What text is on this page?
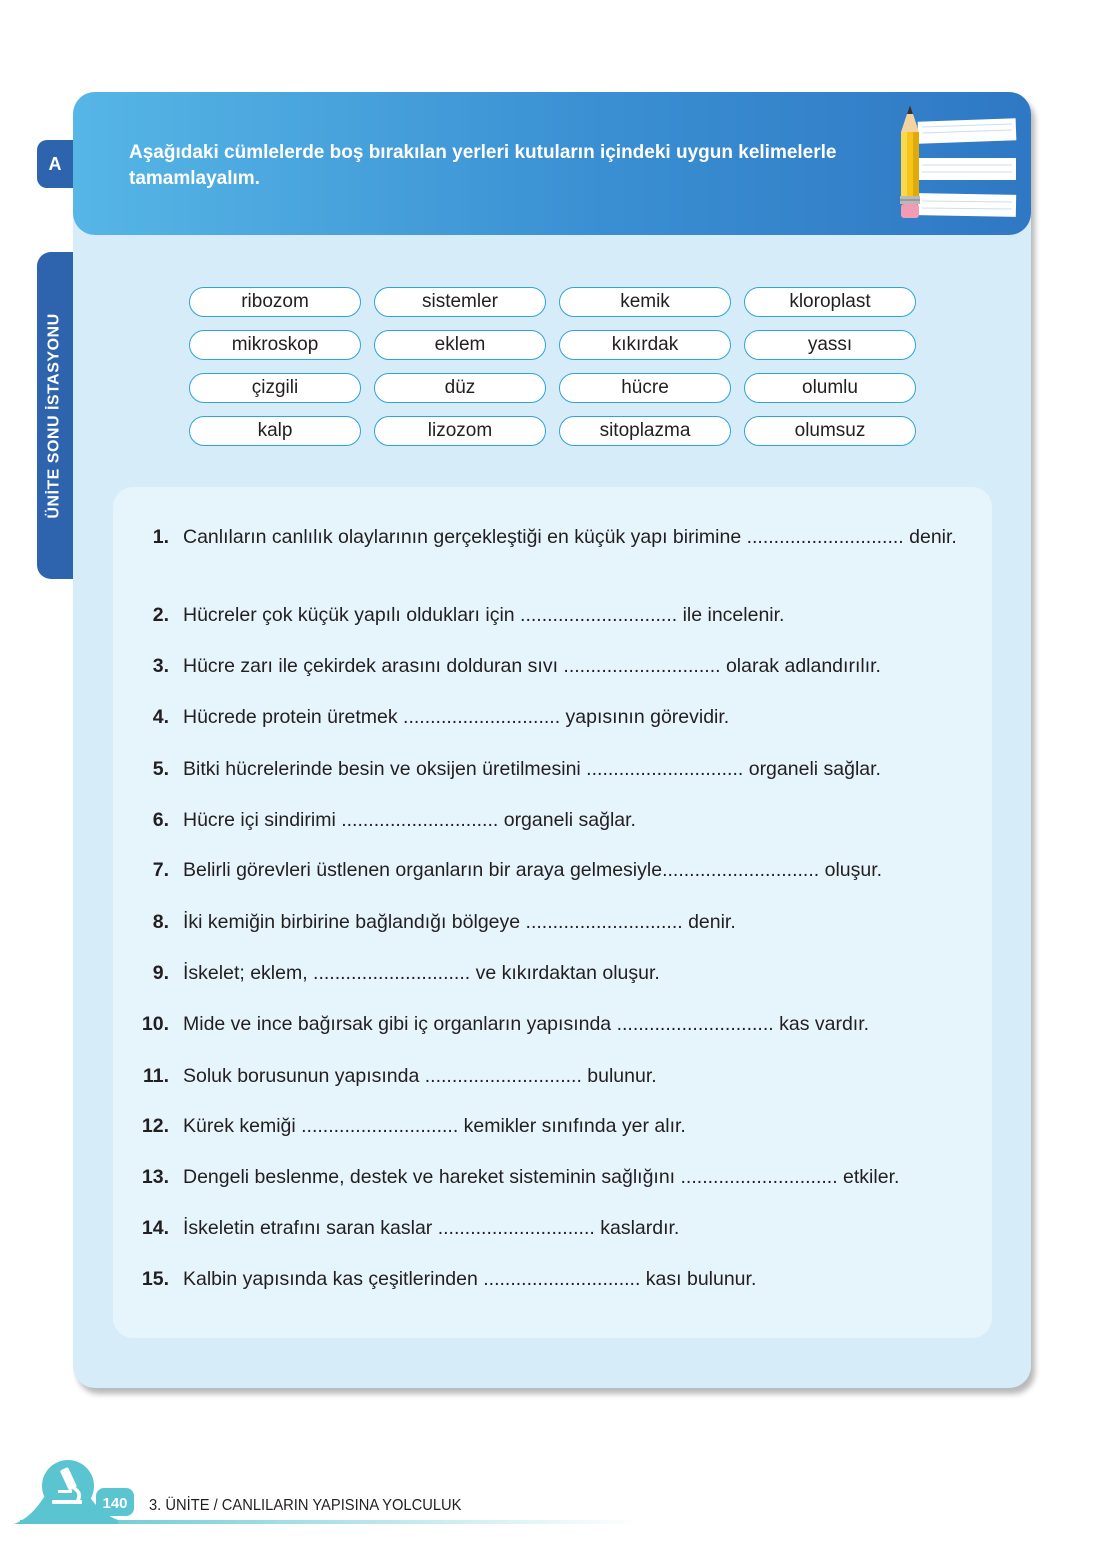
A
ÜNİTE SONU İSTASYONU
Aşağıdaki cümlelerde boş bırakılan yerleri kutuların içindeki uygun kelimelerle tamamlayalım.
ribozom	sistemler	kemik	kloroplast
mikroskop	eklem	kıkırdak	yassı
çizgili	düz	hücre	olumlu
kalp	lizozom	sitoplazma	olumsuz
1. Canlıların canlılık olaylarının gerçekleştiği en küçük yapı birimine ............................. denir.
2. Hücreler çok küçük yapılı oldukları için ............................. ile incelenir.
3. Hücre zarı ile çekirdek arasını dolduran sıvı ............................. olarak adlandırılır.
4. Hücrede protein üretmek ............................. yapısının görevidir.
5. Bitki hücrelerinde besin ve oksijen üretilmesini ............................. organeli sağlar.
6. Hücre içi sindirimi ............................. organeli sağlar.
7. Belirli görevleri üstlenen organların bir araya gelmesiyle............................. oluşur.
8. İki kemiğin birbirine bağlandığı bölgeye ............................. denir.
9. İskelet; eklem, ............................. ve kıkırdaktan oluşur.
10. Mide ve ince bağırsak gibi iç organların yapısında ............................. kas vardır.
11. Soluk borusunun yapısında ............................. bulunur.
12. Kürek kemiği ............................. kemikler sınıfında yer alır.
13. Dengeli beslenme, destek ve hareket sisteminin sağlığını ............................. etkiler.
14. İskeletin etrafını saran kaslar ............................. kaslardır.
15. Kalbin yapısında kas çeşitlerinden ............................. kası bulunur.
140	3. ÜNİTE / CANLILARIN YAPISINA YOLCULUK
